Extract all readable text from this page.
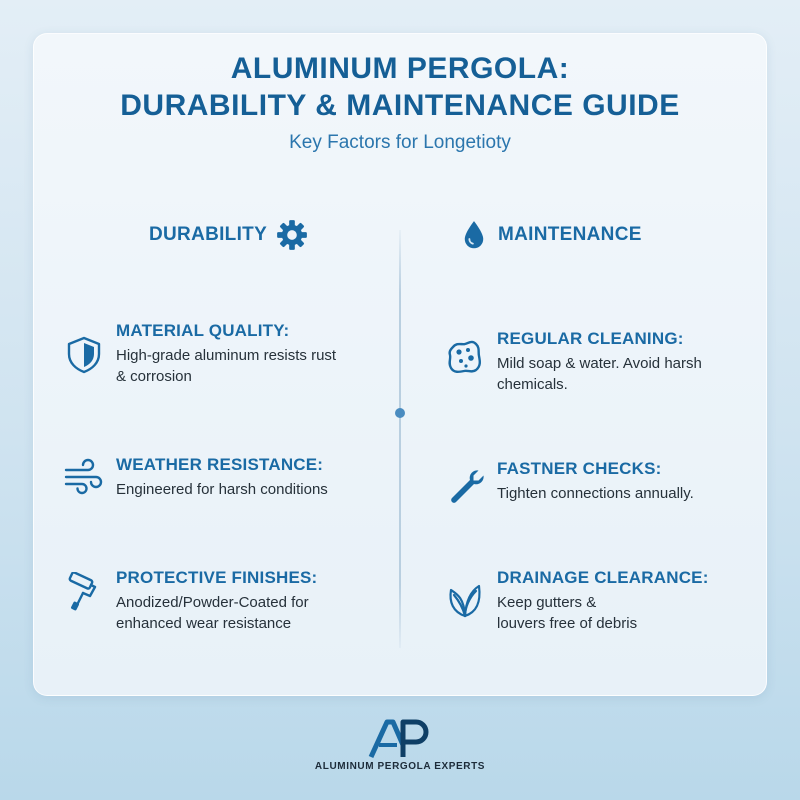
ALUMINUM PERGOLA:
DURABILITY & MAINTENANCE GUIDE
Key Factors for Longetioty
DURABILITY	MAINTENANCE
MATERIAL QUALITY:
High-grade aluminum resists rust
& corrosion
WEATHER RESISTANCE:
Engineered for harsh conditions
PROTECTIVE FINISHES:
Anodized/Powder-Coated for
enhanced wear resistance
REGULAR CLEANING:
Mild soap & water. Avoid harsh
chemicals.
FASTNER CHECKS:
Tighten connections annually.
DRAINAGE CLEARANCE:
Keep gutters &
louvers free of debris
ALUMINUM PERGOLA EXPERTS
